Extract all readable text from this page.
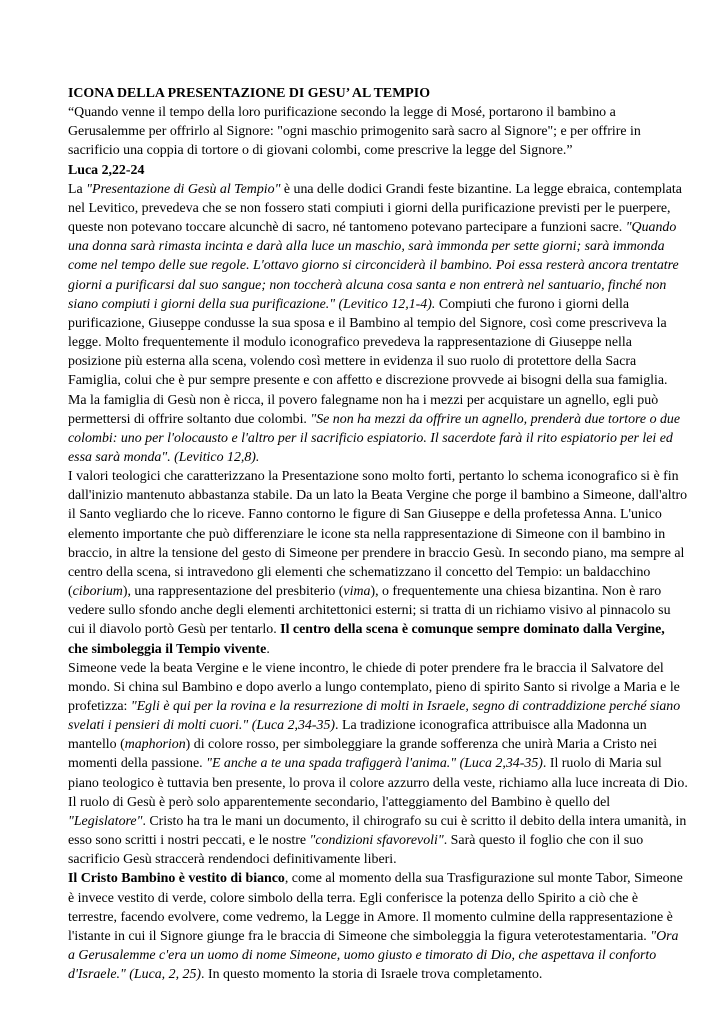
ICONA DELLA PRESENTAZIONE DI GESU’ AL TEMPIO

“Quando venne il tempo della loro purificazione secondo la legge di Mosé, portarono il bambino a Gerusalemme per offrirlo al Signore: "ogni maschio primogenito sarà sacro al Signore"; e per offrire in sacrificio una coppia di tortore o di giovani colombi, come prescrive la legge del Signore.”

Luca 2,22-24

La "Presentazione di Gesù al Tempio" è una delle dodici Grandi feste bizantine. La legge ebraica, contemplata nel Levitico, prevedeva che se non fossero stati compiuti i giorni della purificazione previsti per le puerpere, queste non potevano toccare alcunchè di sacro, né tantomeno potevano partecipare a funzioni sacre. "Quando una donna sarà rimasta incinta e darà alla luce un maschio, sarà immonda per sette giorni; sarà immonda come nel tempo delle sue regole. L'ottavo giorno si circonciderà il bambino. Poi essa resterà ancora trentatre giorni a purificarsi dal suo sangue; non toccherà alcuna cosa santa e non entrerà nel santuario, finché non siano compiuti i giorni della sua purificazione." (Levitico 12,1-4). Compiuti che furono i giorni della purificazione, Giuseppe condusse la sua sposa e il Bambino al tempio del Signore, così come prescriveva la legge. Molto frequentemente il modulo iconografico prevedeva la rappresentazione di Giuseppe nella posizione più esterna alla scena, volendo così mettere in evidenza il suo ruolo di protettore della Sacra Famiglia, colui che è pur sempre presente e con affetto e discrezione provvede ai bisogni della sua famiglia. Ma la famiglia di Gesù non è ricca, il povero falegname non ha i mezzi per acquistare un agnello, egli può permettersi di offrire soltanto due colombi. "Se non ha mezzi da offrire un agnello, prenderà due tortore o due colombi: uno per l'olocausto e l'altro per il sacrificio espiatorio. Il sacerdote farà il rito espiatorio per lei ed essa sarà monda". (Levitico 12,8).

I valori teologici che caratterizzano la Presentazione sono molto forti, pertanto lo schema iconografico si è fin dall'inizio mantenuto abbastanza stabile. Da un lato la Beata Vergine che porge il bambino a Simeone, dall'altro il Santo vegliardo che lo riceve. Fanno contorno le figure di San Giuseppe e della profetessa Anna. L'unico elemento importante che può differenziare le icone sta nella rappresentazione di Simeone con il bambino in braccio, in altre la tensione del gesto di Simeone per prendere in braccio Gesù. In secondo piano, ma sempre al centro della scena, si intravedono gli elementi che schematizzano il concetto del Tempio: un baldacchino (ciborium), una rappresentazione del presbiterio (vima), o frequentemente una chiesa bizantina. Non è raro vedere sullo sfondo anche degli elementi architettonici esterni; si tratta di un richiamo visivo al pinnacolo su cui il diavolo portò Gesù per tentarlo. Il centro della scena è comunque sempre dominato dalla Vergine, che simboleggia il Tempio vivente.

Simeone vede la beata Vergine e le viene incontro, le chiede di poter prendere fra le braccia il Salvatore del mondo. Si china sul Bambino e dopo averlo a lungo contemplato, pieno di spirito Santo si rivolge a Maria e le profetizza: "Egli è qui per la rovina e la resurrezione di molti in Israele, segno di contraddizione perché siano svelati i pensieri di molti cuori." (Luca 2,34-35). La tradizione iconografica attribuisce alla Madonna un mantello (maphorion) di colore rosso, per simboleggiare la grande sofferenza che unirà Maria a Cristo nei momenti della passione. "E anche a te una spada trafiggerà l'anima." (Luca 2,34-35). Il ruolo di Maria sul piano teologico è tuttavia ben presente, lo prova il colore azzurro della veste, richiamo alla luce increata di Dio.

Il ruolo di Gesù è però solo apparentemente secondario, l'atteggiamento del Bambino è quello del "Legislatore". Cristo ha tra le mani un documento, il chirografo su cui è scritto il debito della intera umanità, in esso sono scritti i nostri peccati, e le nostre "condizioni sfavorevoli". Sarà questo il foglio che con il suo sacrificio Gesù straccerà rendendoci definitivamente liberi.

Il Cristo Bambino è vestito di bianco, come al momento della sua Trasfigurazione sul monte Tabor, Simeone è invece vestito di verde, colore simbolo della terra. Egli conferisce la potenza dello Spirito a ciò che è terrestre, facendo evolvere, come vedremo, la Legge in Amore. Il momento culmine della rappresentazione è l'istante in cui il Signore giunge fra le braccia di Simeone che simboleggia la figura veterotestamentaria. "Ora a Gerusalemme c'era un uomo di nome Simeone, uomo giusto e timorato di Dio, che aspettava il conforto d'Israele." (Luca, 2, 25). In questo momento la storia di Israele trova completamento.
